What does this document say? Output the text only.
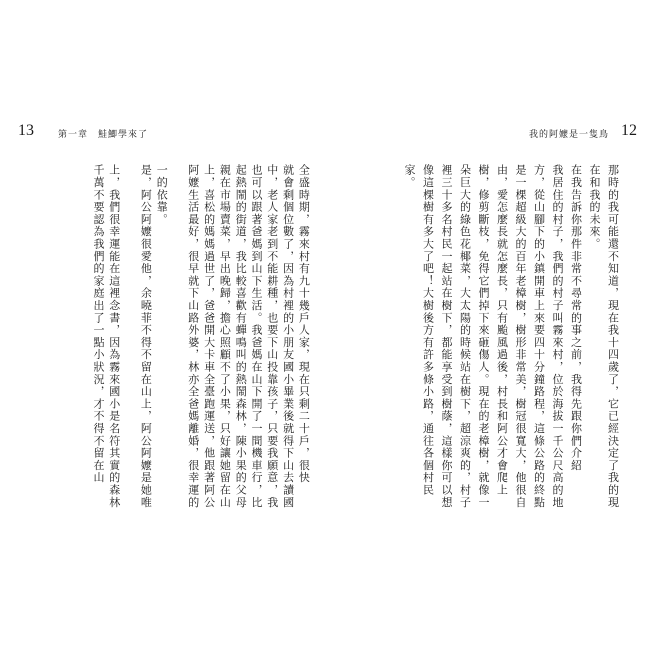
13	第一章　鮭鯽學來了
千萬不要認為我們的家庭出了一點小狀況，才不得不留在山 上，我們很幸運能在這裡念書，因為霧來國小是名符其實的森林 是，阿公阿嬤很愛他，余曉菲不得不留在山上，阿公阿嬤是她唯 一的依靠。 阿嬤生活最好，很早就下山路外婆，林亦全爸媽離婚，很幸運的 上，喜松的媽媽過世了，爸爸開大卡車全臺跑運送，他跟著阿公 親在市場賣菜，早出晚歸，擔心照顧不了小果，只好讓她留在山 起熱鬧的街道，我比較喜歡有蟬鳴叫的熱鬧森林，陳小果的父母 也可以跟著爸媽到山下生活。我爸媽在山下開了一間機車行，比 中，老人家老到不能耕種，也要下山投靠孩子，只要我願意，我 就會剩個位數了，因為村裡的小朋友國小畢業後就得下山去讀國 全盛時期，霧來村有九十幾戶人家，現在只剩二十戶，很快
我的阿嬤是一隻鳥 12
家。 像這棵樹有多大了吧！大樹後方有許多條小路，通往各個村民 裡三十多名村民一起站在樹下，都能享受到樹蔭，這樣你可以想 朵巨大的綠色花椰菜，大太陽的時候站在樹下，超涼爽的，村子 樹，修剪斷枝，免得它們掉下來砸傷人。現在的老樟樹，就像一 由，愛怎麼長就怎麼長，只有颱風過後，村長和阿公才會爬上 是一棵超級大的百年老樟樹，樹形非常美，樹冠很寬大，他很自 方，從山腳下的小鎮開車上來要四十分鐘路程，這條公路的終點 我居住的村子，我們的村子叫霧來村，位於海拔一千公尺高的地 在我告訴你那件非常不尋常的事之前，我得先跟你們介紹 在和我的未來。 那時的我可能還不知道，現在我十四歲了，它已經決定了我的現
